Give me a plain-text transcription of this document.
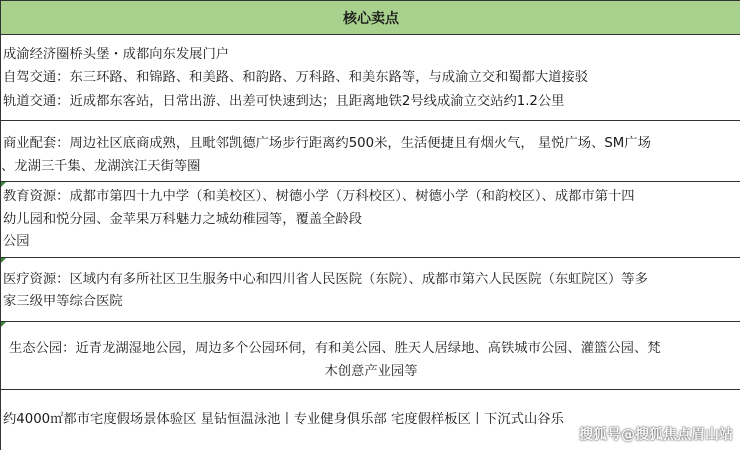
核心卖点
成渝经济圈桥头堡・成都向东发展门户
自驾交通：东三环路、和锦路、和美路、和韵路、万科路、和美东路等，与成渝立交和蜀都大道接驳
轨道交通：近成都东客站，日常出游、出差可快速到达；且距离地铁2号线成渝立交站约1.2公里
商业配套：周边社区底商成熟，且毗邻凯德广场步行距离约500米，生活便捷且有烟火气， 星悦广场、SM广场
、龙湖三千集、龙湖滨江天街等圈
教育资源：成都市第四十九中学（和美校区）、树德小学（万科校区）、树德小学（和韵校区）、成都市第十四
幼儿园和悦分园、金苹果万科魅力之城幼稚园等，覆盖全龄段
公园
医疗资源：区域内有多所社区卫生服务中心和四川省人民医院（东院）、成都市第六人民医院（东虹院区）等多
家三级甲等综合医院
生态公园：近青龙湖湿地公园，周边多个公园环伺，有和美公园、胜天人居绿地、高铁城市公园、灌篮公园、梵
木创意产业园等
约4000㎡都市宅度假场景体验区 星钻恒温泳池丨专业健身俱乐部 宅度假样板区丨下沉式山谷乐
搜狐号@搜狐焦点眉山站
